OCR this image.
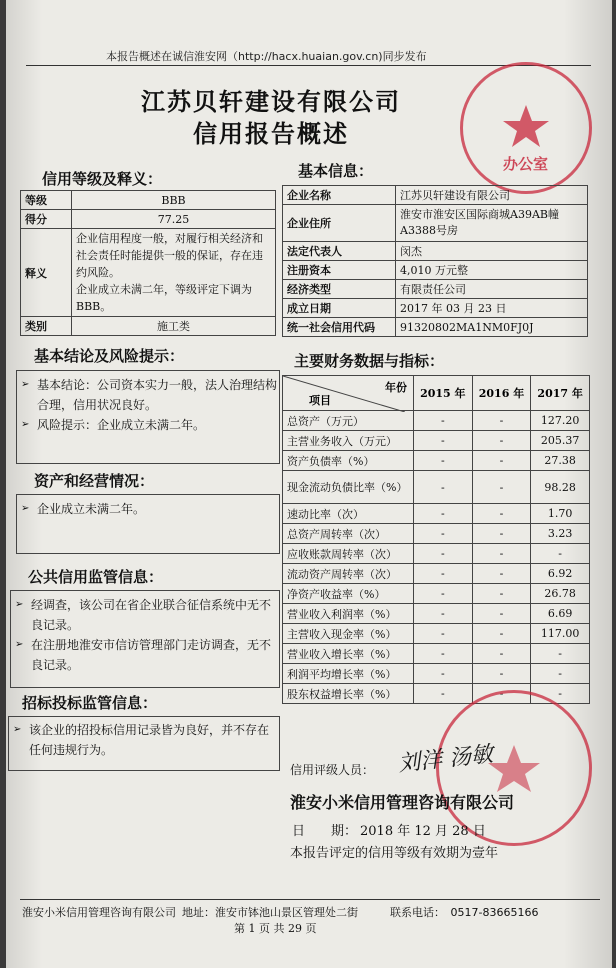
本报告概述在诚信淮安网（http://hacx.huaian.gov.cn)同步发布
办公室
江苏贝轩建设有限公司
信用报告概述
信用等级及释义：
等级	BBB
得分	77.25
释义	企业信用程度一般，对履行相关经济和社会责任时能提供一般的保证，存在违约风险。
企业成立未满二年，等级评定下调为BBB。
类别	施工类
基本信息：
企业名称	江苏贝轩建设有限公司
企业住所	淮安市淮安区国际商城A39AB幢A3388号房
法定代表人	闵杰
注册资本	4,010 万元整
经济类型	有限责任公司
成立日期	2017 年 03 月 23 日
统一社会信用代码	91320802MA1NM0FJ0J
基本结论及风险提示：
➢ 基本结论：公司资本实力一般，法人治理结构合理，信用状况良好。
➢ 风险提示：企业成立未满二年。
资产和经营情况：
➢ 企业成立未满二年。
公共信用监管信息：
➢ 经调查，该公司在省企业联合征信系统中无不良记录。
➢ 在注册地淮安市信访管理部门走访调查，无不良记录。
招标投标监管信息：
➢ 该企业的招投标信用记录皆为良好，并不存在任何违规行为。
主要财务数据与指标：
年份
项目	2015 年	2016 年	2017 年
总资产（万元）	-	-	127.20
主营业务收入（万元）	-	-	205.37
资产负债率（%）	-	-	27.38
现金流动负债比率（%）	-	-	98.28
速动比率（次）	-	-	1.70
总资产周转率（次）	-	-	3.23
应收账款周转率（次）	-	-	-
流动资产周转率（次）	-	-	6.92
净资产收益率（%）	-	-	26.78
营业收入利润率（%）	-	-	6.69
主营收入现金率（%）	-	-	117.00
营业收入增长率（%）	-	-	-
利润平均增长率（%）	-	-	-
股东权益增长率（%）	-	-	-
信用评级人员： 刘洋 汤敏
淮安小米信用管理咨询有限公司
日　　期： 2018 年 12 月 28 日
本报告评定的信用等级有效期为壹年
淮安小米信用管理咨询有限公司 地址：淮安市钵池山景区管理处二街	联系电话：　0517-83665166
第 1 页 共 29 页
